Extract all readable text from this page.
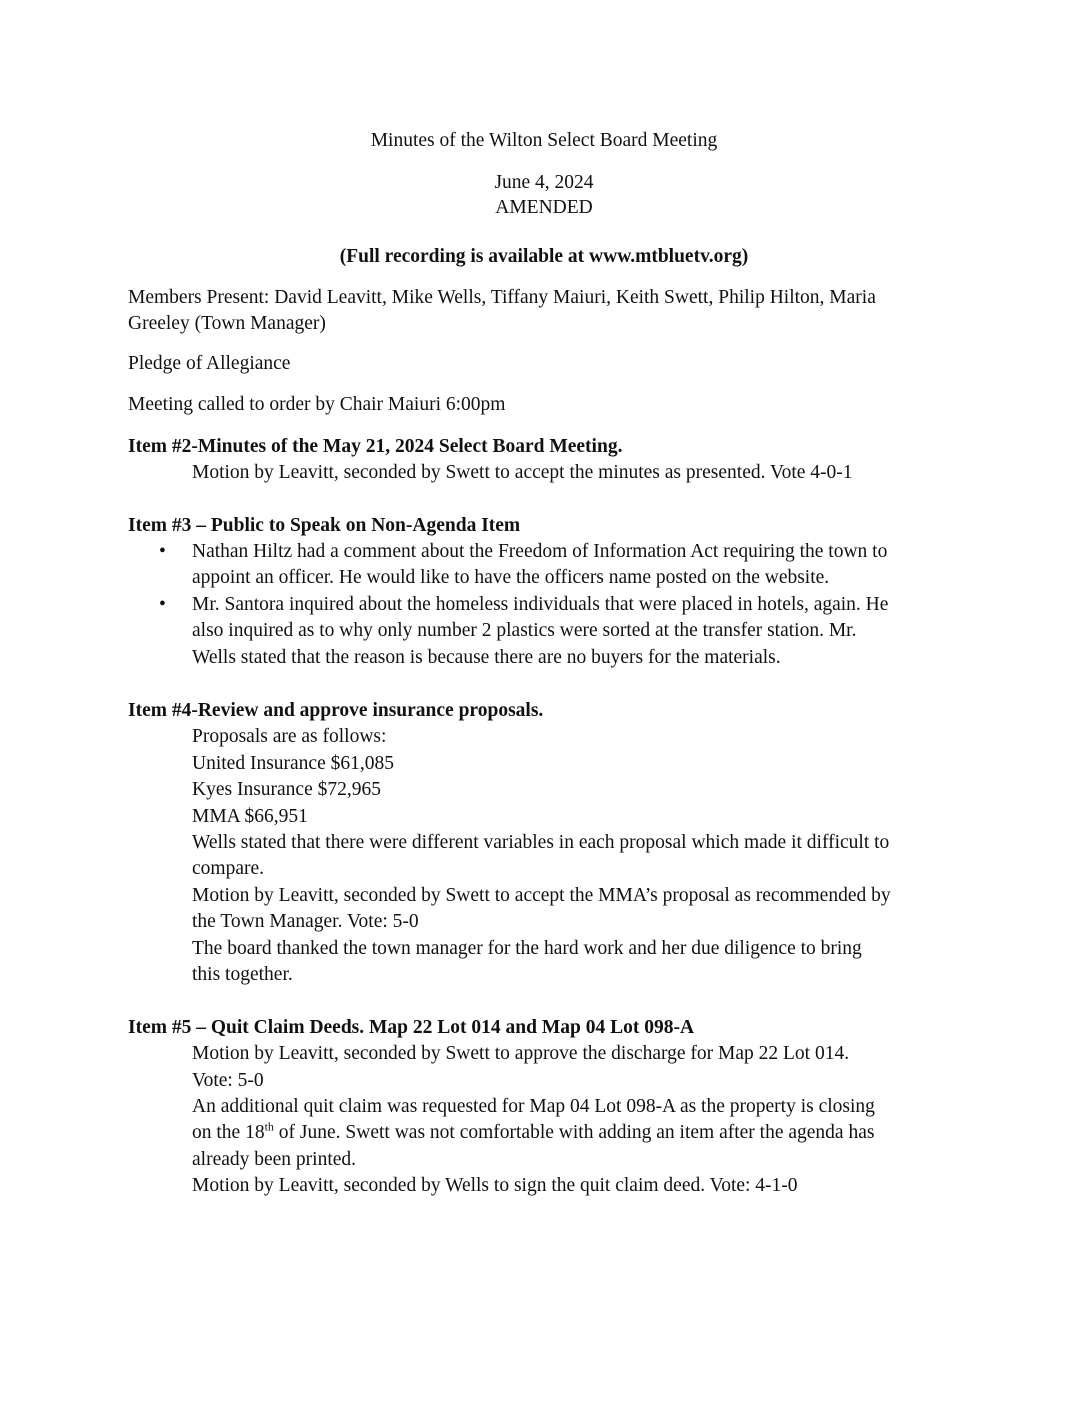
Minutes of the Wilton Select Board Meeting
June 4, 2024
AMENDED
(Full recording is available at www.mtbluetv.org)
Members Present: David Leavitt, Mike Wells, Tiffany Maiuri, Keith Swett, Philip Hilton, Maria
Greeley (Town Manager)
Pledge of Allegiance
Meeting called to order by Chair Maiuri 6:00pm
Item #2-Minutes of the May 21, 2024 Select Board Meeting.
Motion by Leavitt, seconded by Swett to accept the minutes as presented. Vote 4-0-1
Item #3 – Public to Speak on Non-Agenda Item
• Nathan Hiltz had a comment about the Freedom of Information Act requiring the town to
appoint an officer. He would like to have the officers name posted on the website.
• Mr. Santora inquired about the homeless individuals that were placed in hotels, again. He
also inquired as to why only number 2 plastics were sorted at the transfer station. Mr.
Wells stated that the reason is because there are no buyers for the materials.
Item #4-Review and approve insurance proposals.
Proposals are as follows:
United Insurance $61,085
Kyes Insurance $72,965
MMA $66,951
Wells stated that there were different variables in each proposal which made it difficult to
compare.
Motion by Leavitt, seconded by Swett to accept the MMA’s proposal as recommended by
the Town Manager. Vote: 5-0
The board thanked the town manager for the hard work and her due diligence to bring
this together.
Item #5 – Quit Claim Deeds. Map 22 Lot 014 and Map 04 Lot 098-A
Motion by Leavitt, seconded by Swett to approve the discharge for Map 22 Lot 014.
Vote: 5-0
An additional quit claim was requested for Map 04 Lot 098-A as the property is closing
on the 18th of June. Swett was not comfortable with adding an item after the agenda has
already been printed.
Motion by Leavitt, seconded by Wells to sign the quit claim deed. Vote: 4-1-0
